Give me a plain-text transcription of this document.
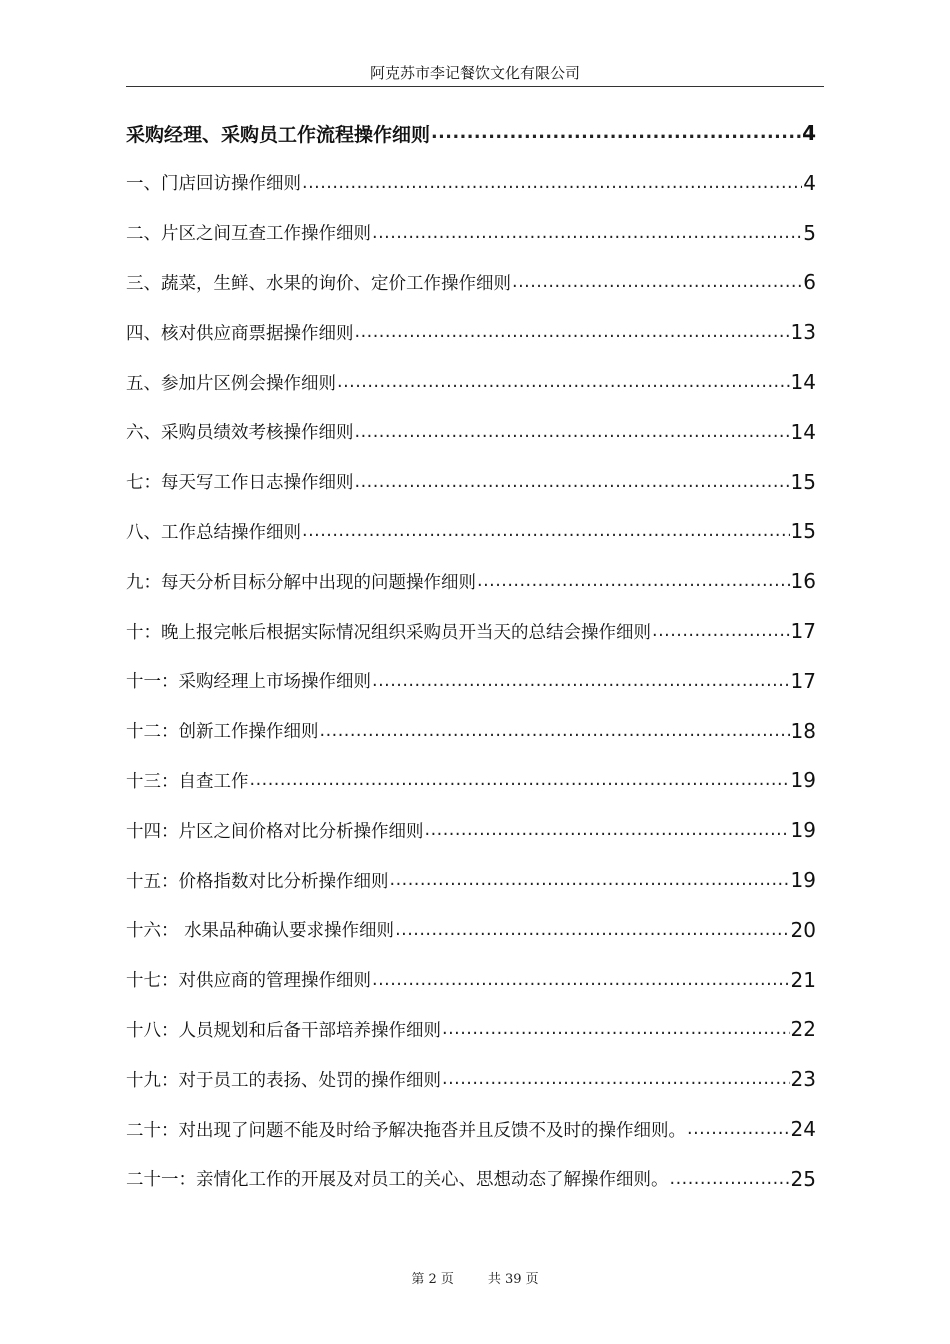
阿克苏市李记餐饮文化有限公司
采购经理、采购员工作流程操作细则 .....	4
一、门店回访操作细则 .....	4
二、片区之间互查工作操作细则 .....	5
三、蔬菜，生鲜、水果的询价、定价工作操作细则 .....	6
四、核对供应商票据操作细则 .....	13
五、参加片区例会操作细则 .....	14
六、采购员绩效考核操作细则 .....	14
七：每天写工作日志操作细则 .....	15
八、工作总结操作细则 .....	15
九：每天分析目标分解中出现的问题操作细则 .....	16
十：晚上报完帐后根据实际情况组织采购员开当天的总结会操作细则 .....	17
十一：采购经理上市场操作细则 .....	17
十二：创新工作操作细则 .....	18
十三：自查工作 .....	19
十四：片区之间价格对比分析操作细则 .....	19
十五：价格指数对比分析操作细则 .....	19
十六： 水果品种确认要求操作细则 .....	20
十七：对供应商的管理操作细则 .....	21
十八：人员规划和后备干部培养操作细则 .....	22
十九：对于员工的表扬、处罚的操作细则 .....	23
二十：对出现了问题不能及时给予解决拖沓并且反馈不及时的操作细则。 .....	24
二十一：亲情化工作的开展及对员工的关心、思想动态了解操作细则。 .....	25
第 2 页	共 39 页
